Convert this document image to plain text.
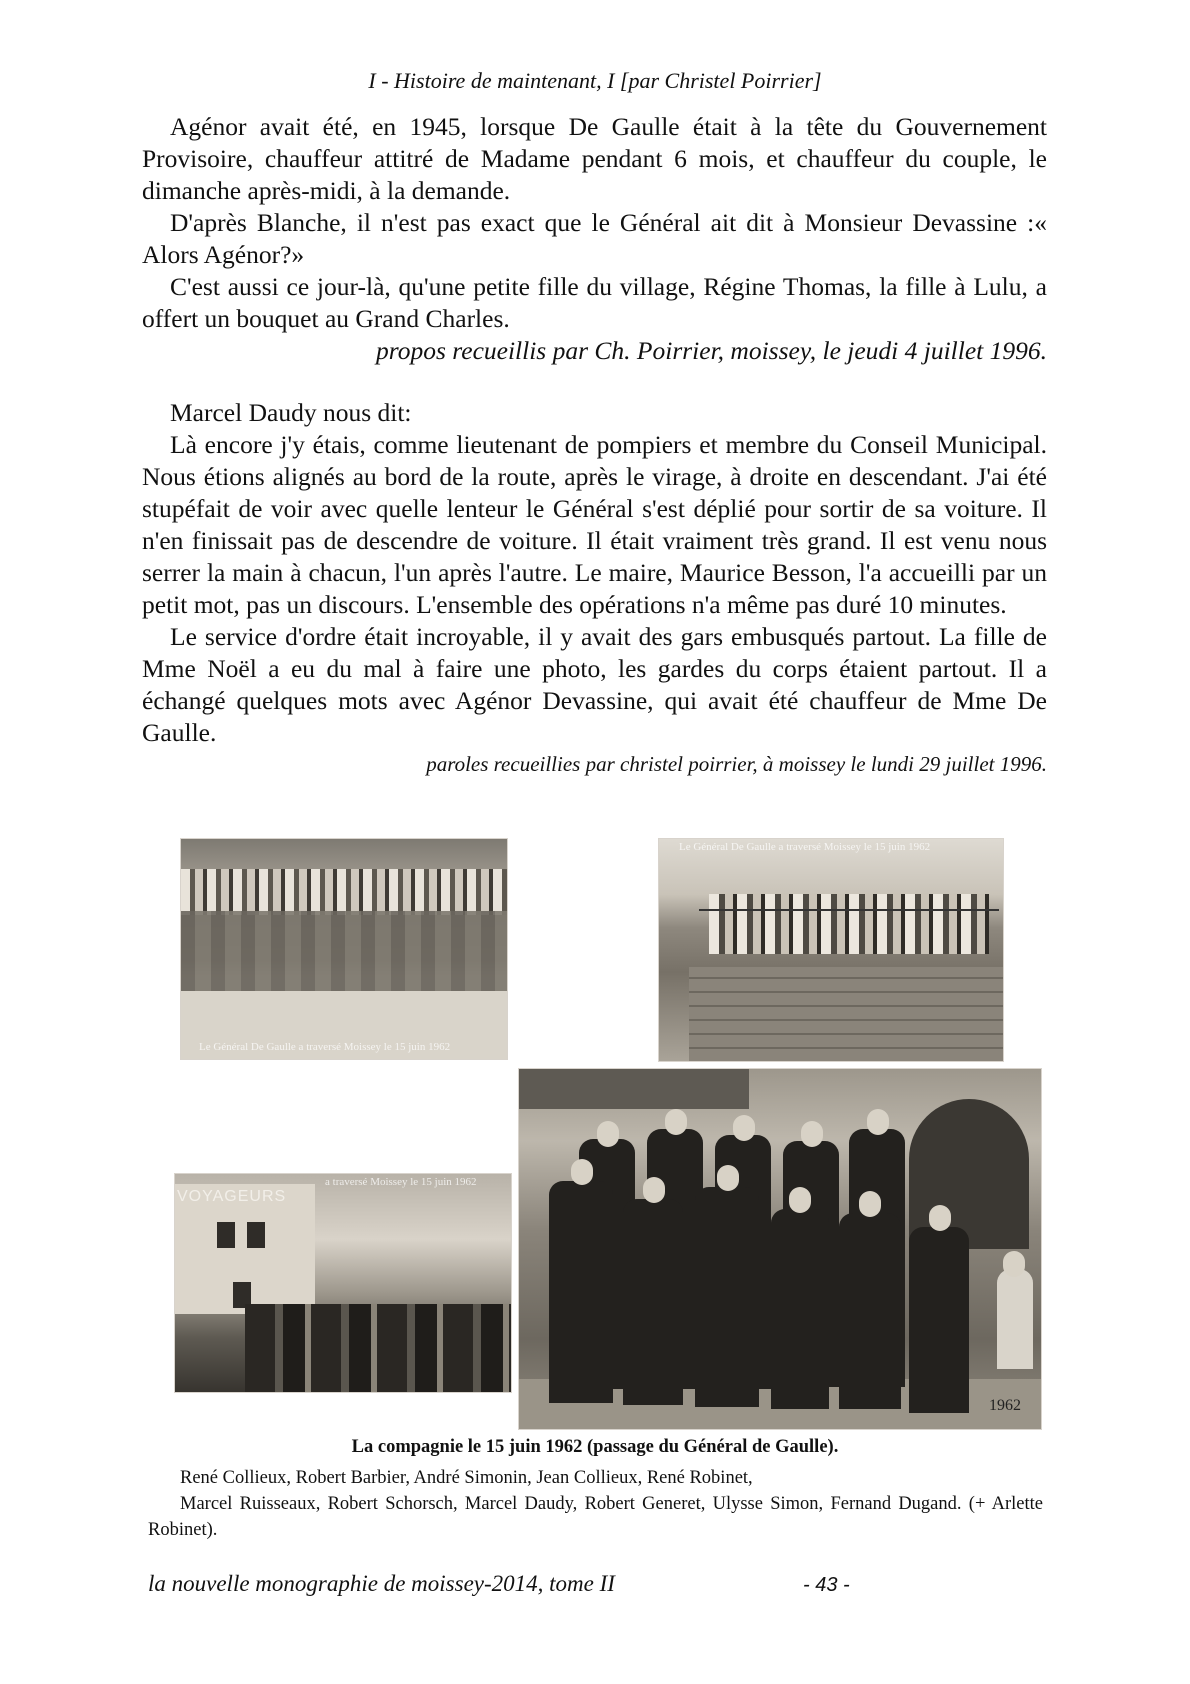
I - Histoire de maintenant, I [par Christel Poirrier]

Agénor avait été, en 1945, lorsque De Gaulle était à la tête du Gouvernement Provisoire, chauffeur attitré de Madame pendant 6 mois, et chauffeur du couple, le dimanche après-midi, à la demande.

D'après Blanche, il n'est pas exact que le Général ait dit à Monsieur Devassine :« Alors Agénor?»

C'est aussi ce jour-là, qu'une petite fille du village, Régine Thomas, la fille à Lulu, a offert un bouquet au Grand Charles.

propos recueillis par Ch. Poirrier, moissey, le jeudi 4 juillet 1996.

Marcel Daudy nous dit:

Là encore j'y étais, comme lieutenant de pompiers et membre du Conseil Municipal. Nous étions alignés au bord de la route, après le virage, à droite en descendant. J'ai été stupéfait de voir avec quelle lenteur le Général s'est déplié pour sortir de sa voiture. Il n'en finissait pas de descendre de voiture. Il était vraiment très grand. Il est venu nous serrer la main à chacun, l'un après l'autre. Le maire, Maurice Besson, l'a accueilli par un petit mot, pas un discours. L'ensemble des opérations n'a même pas duré 10 minutes.

Le service d'ordre était incroyable, il y avait des gars embusqués partout. La fille de Mme Noël a eu du mal à faire une photo, les gardes du corps étaient partout. Il a échangé quelques mots avec Agénor Devassine, qui avait été chauffeur de Mme De Gaulle.

paroles recueillies par christel poirrier, à moissey le lundi 29 juillet 1996.

Le Général De Gaulle a traversé Moissey le 15 juin 1962
Le Général De Gaulle a traversé Moissey le 15 juin 1962
VOYAGEURS
a traversé Moissey le 15 juin 1962
1962
La compagnie le 15 juin 1962 (passage du Général de Gaulle).

René Collieux, Robert Barbier, André Simonin, Jean Collieux, René Robinet,

Marcel Ruisseaux, Robert Schorsch, Marcel Daudy, Robert Generet, Ulysse Simon, Fernand Dugand. (+ Arlette Robinet).

la nouvelle monographie de moissey-2014, tome II	- 43 -
